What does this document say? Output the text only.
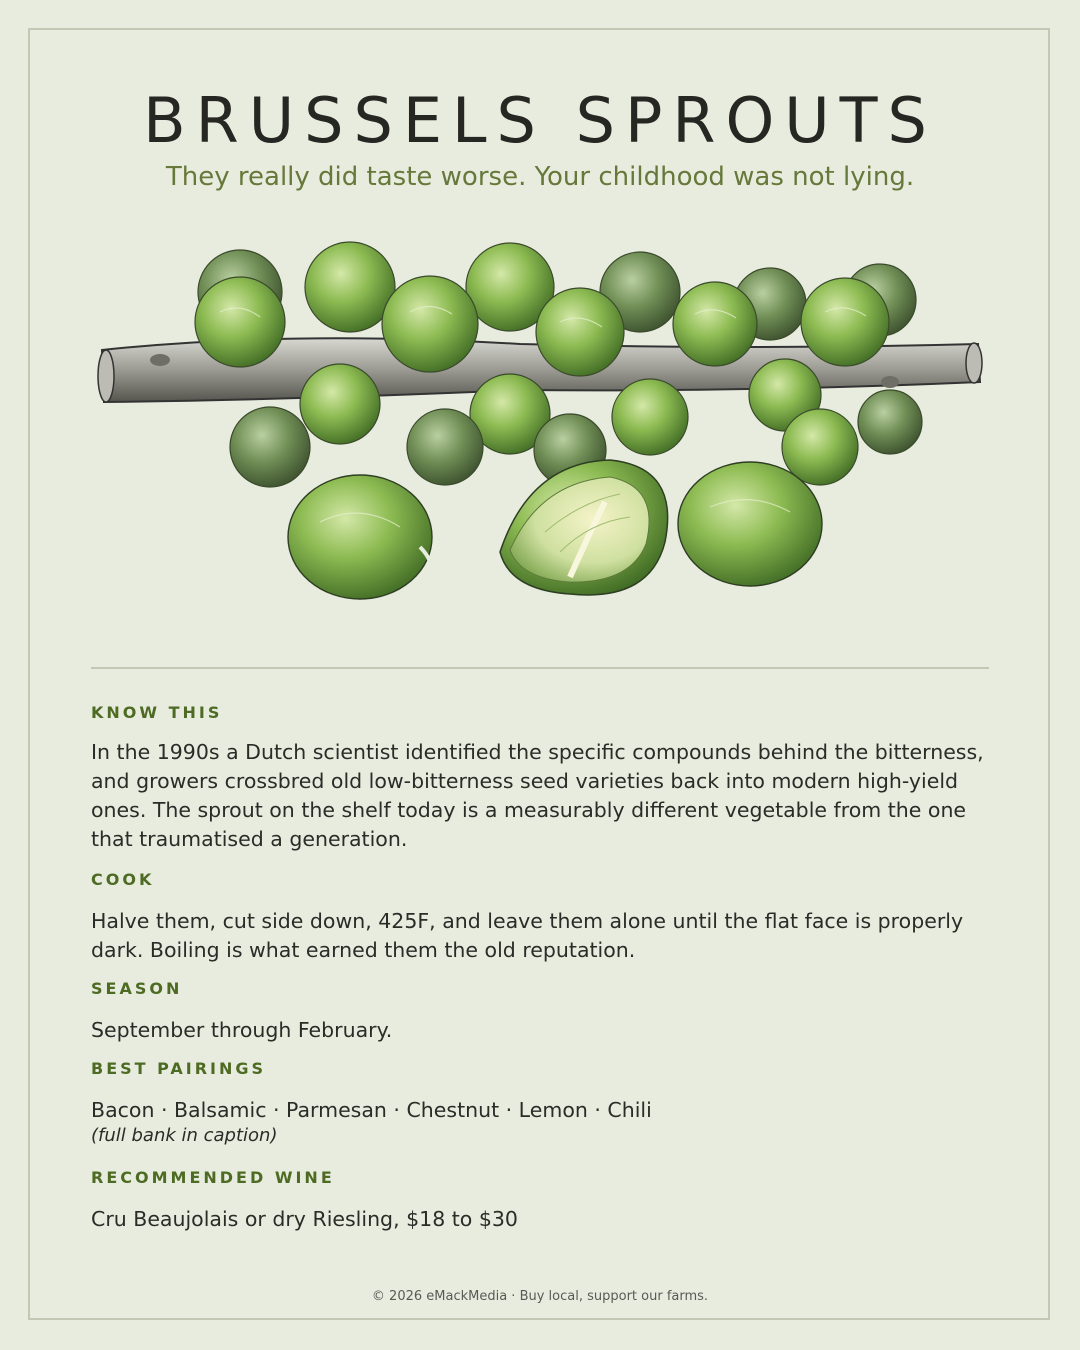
BRUSSELS SPROUTS

They really did taste worse. Your childhood was not lying.

KNOW THIS

In the 1990s a Dutch scientist identified the specific compounds behind the bitterness, and growers crossbred old low-bitterness seed varieties back into modern high-yield ones. The sprout on the shelf today is a measurably different vegetable from the one that traumatised a generation.

COOK

Halve them, cut side down, 425F, and leave them alone until the flat face is properly dark. Boiling is what earned them the old reputation.

SEASON

September through February.

BEST PAIRINGS

Bacon · Balsamic · Parmesan · Chestnut · Lemon · Chili

(full bank in caption)

RECOMMENDED WINE

Cru Beaujolais or dry Riesling, $18 to $30

© 2026 eMackMedia · Buy local, support our farms.
